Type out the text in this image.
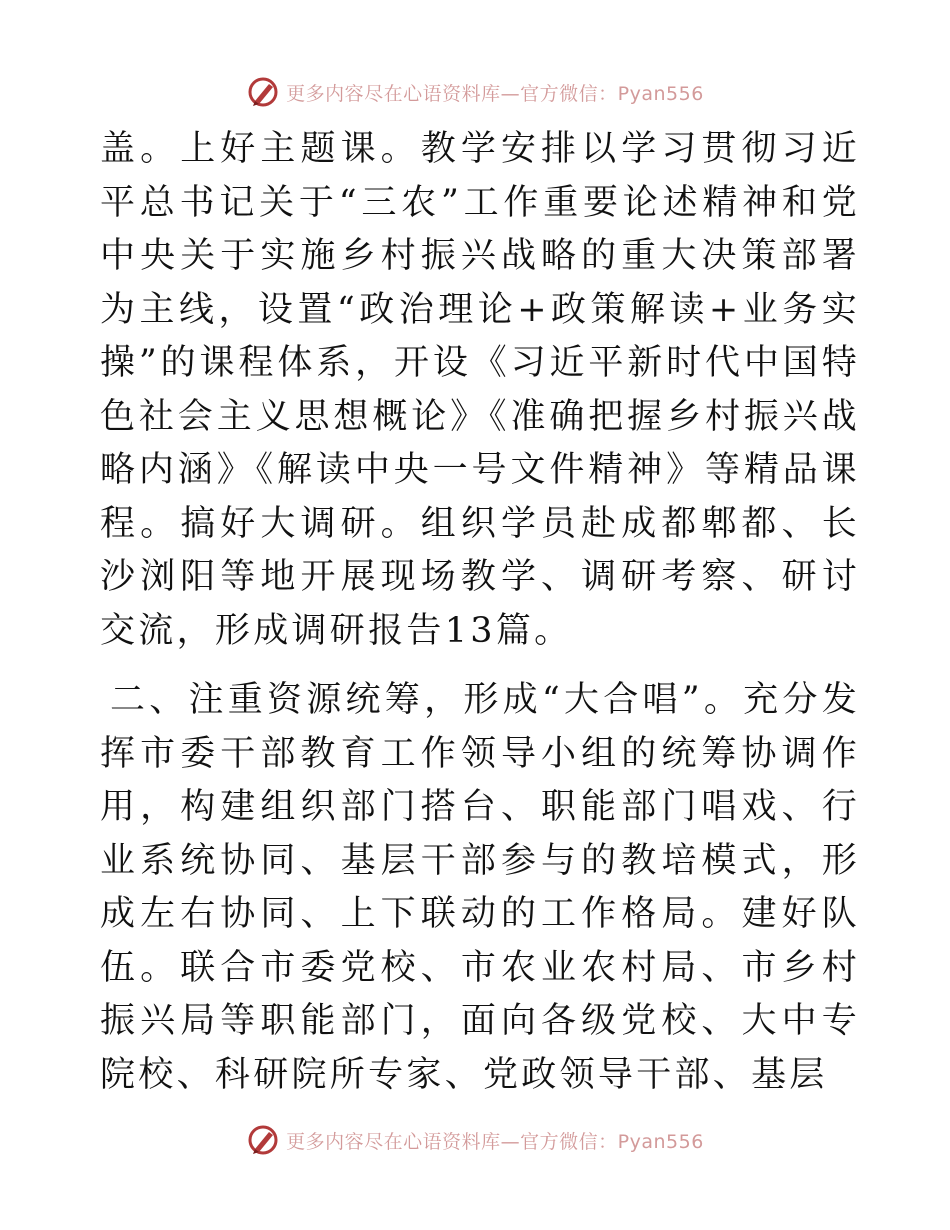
更多内容尽在心语资料库—官方微信：Pyan556

盖。上好主题课。教学安排以学习贯彻习近平总书记关于“三农”工作重要论述精神和党中央关于实施乡村振兴战略的重大决策部署为主线，设置“政治理论+政策解读+业务实操”的课程体系，开设《习近平新时代中国特色社会主义思想概论》《准确把握乡村振兴战略内涵》《解读中央一号文件精神》等精品课程。搞好大调研。组织学员赴成都郫都、长沙浏阳等地开展现场教学、调研考察、研讨交流，形成调研报告13篇。

二、注重资源统筹，形成“大合唱”。充分发挥市委干部教育工作领导小组的统筹协调作用，构建组织部门搭台、职能部门唱戏、行业系统协同、基层干部参与的教培模式，形成左右协同、上下联动的工作格局。建好队伍。联合市委党校、市农业农村局、市乡村振兴局等职能部门，面向各级党校、大中专院校、科研院所专家、党政领导干部、基层

更多内容尽在心语资料库—官方微信：Pyan556
